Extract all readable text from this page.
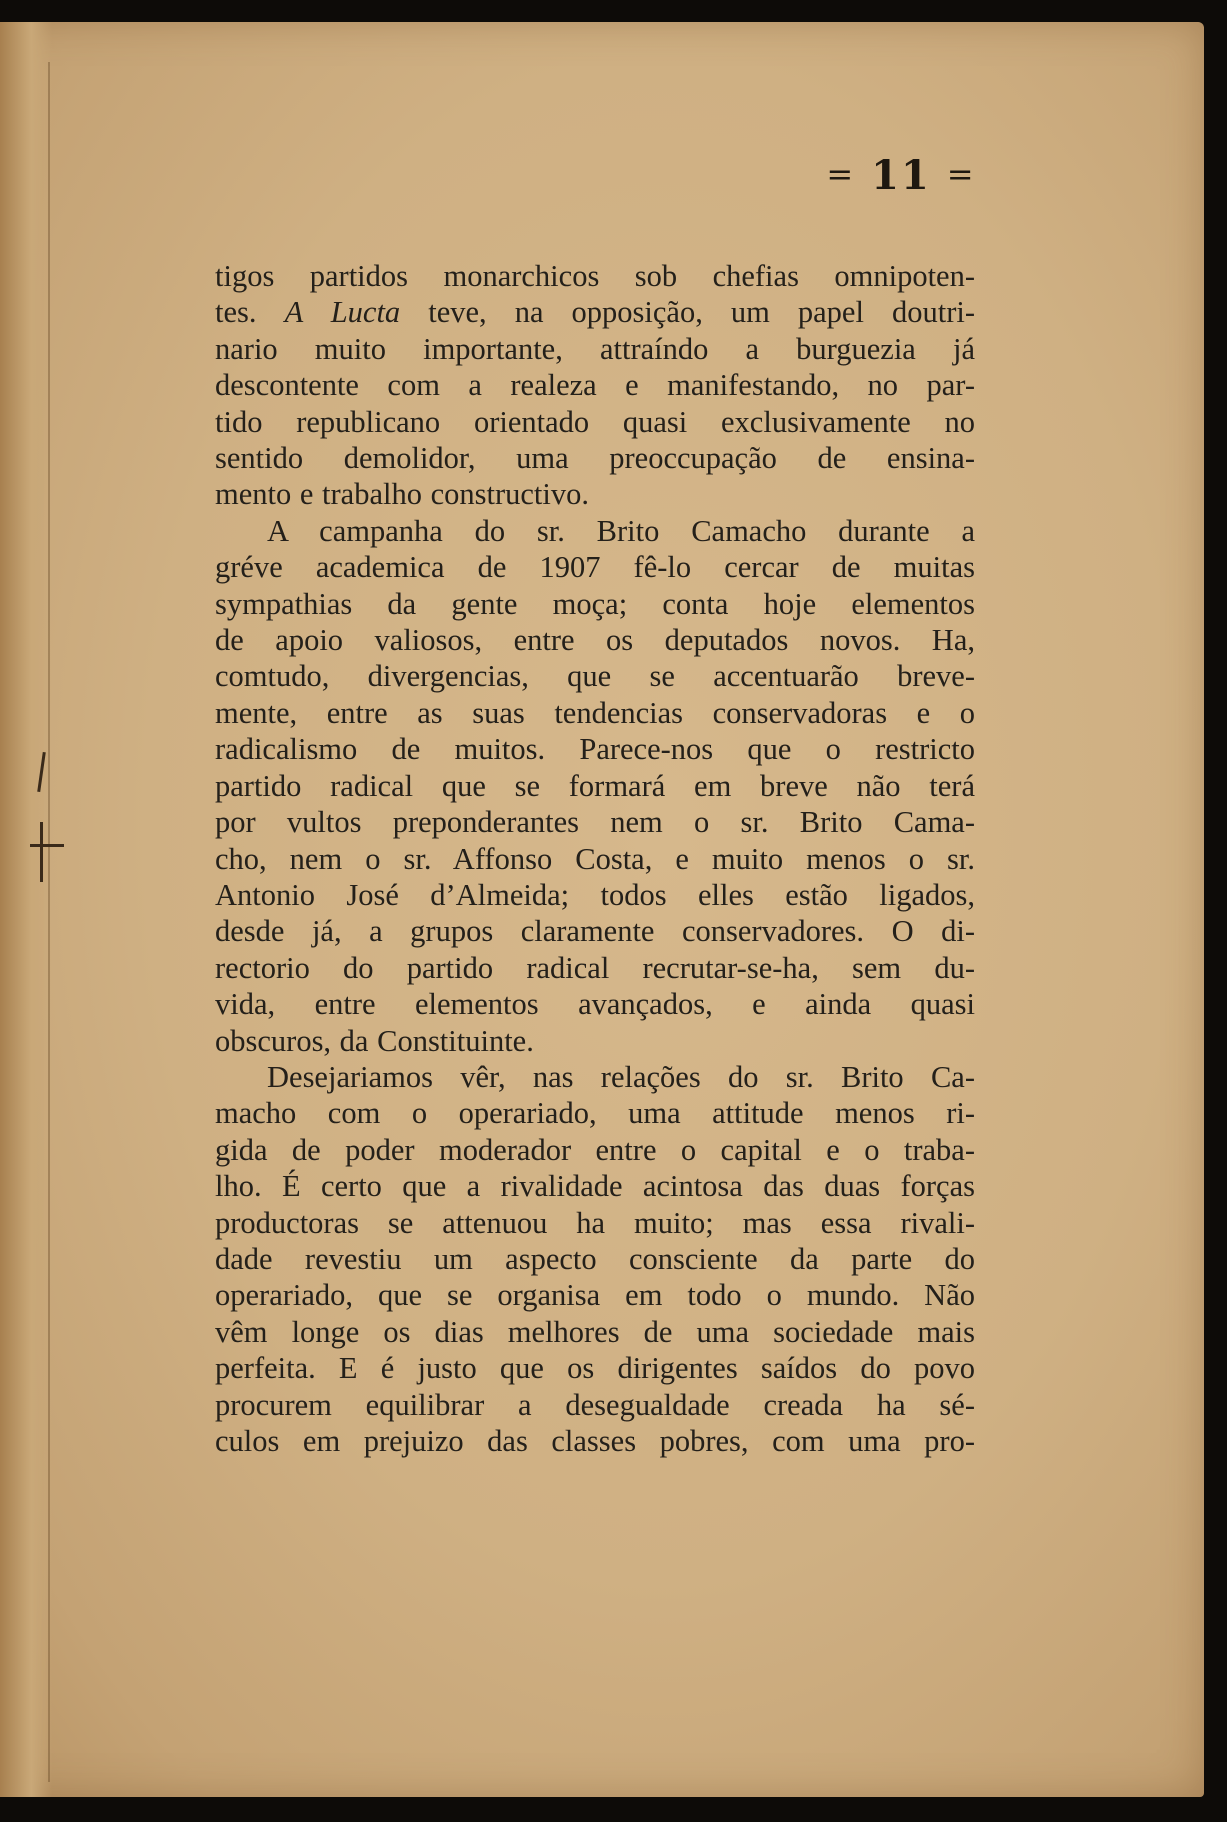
= 11 =
tigos partidos monarchicos sob chefias omnipoten-
tes. A Lucta teve, na opposição, um papel doutri-
nario muito importante, attraíndo a burguezia já
descontente com a realeza e manifestando, no par-
tido republicano orientado quasi exclusivamente no
sentido demolidor, uma preoccupação de ensina-
mento e trabalho constructivo.
A campanha do sr. Brito Camacho durante a
gréve academica de 1907 fê-lo cercar de muitas
sympathias da gente moça; conta hoje elementos
de apoio valiosos, entre os deputados novos. Ha,
comtudo, divergencias, que se accentuarão breve-
mente, entre as suas tendencias conservadoras e o
radicalismo de muitos. Parece-nos que o restricto
partido radical que se formará em breve não terá
por vultos preponderantes nem o sr. Brito Cama-
cho, nem o sr. Affonso Costa, e muito menos o sr.
Antonio José d’Almeida; todos elles estão ligados,
desde já, a grupos claramente conservadores. O di-
rectorio do partido radical recrutar-se-ha, sem du-
vida, entre elementos avançados, e ainda quasi
obscuros, da Constituinte.
Desejariamos vêr, nas relações do sr. Brito Ca-
macho com o operariado, uma attitude menos ri-
gida de poder moderador entre o capital e o traba-
lho. É certo que a rivalidade acintosa das duas forças
productoras se attenuou ha muito; mas essa rivali-
dade revestiu um aspecto consciente da parte do
operariado, que se organisa em todo o mundo. Não
vêm longe os dias melhores de uma sociedade mais
perfeita. E é justo que os dirigentes saídos do povo
procurem equilibrar a desegualdade creada ha sé-
culos em prejuizo das classes pobres, com uma pro-
